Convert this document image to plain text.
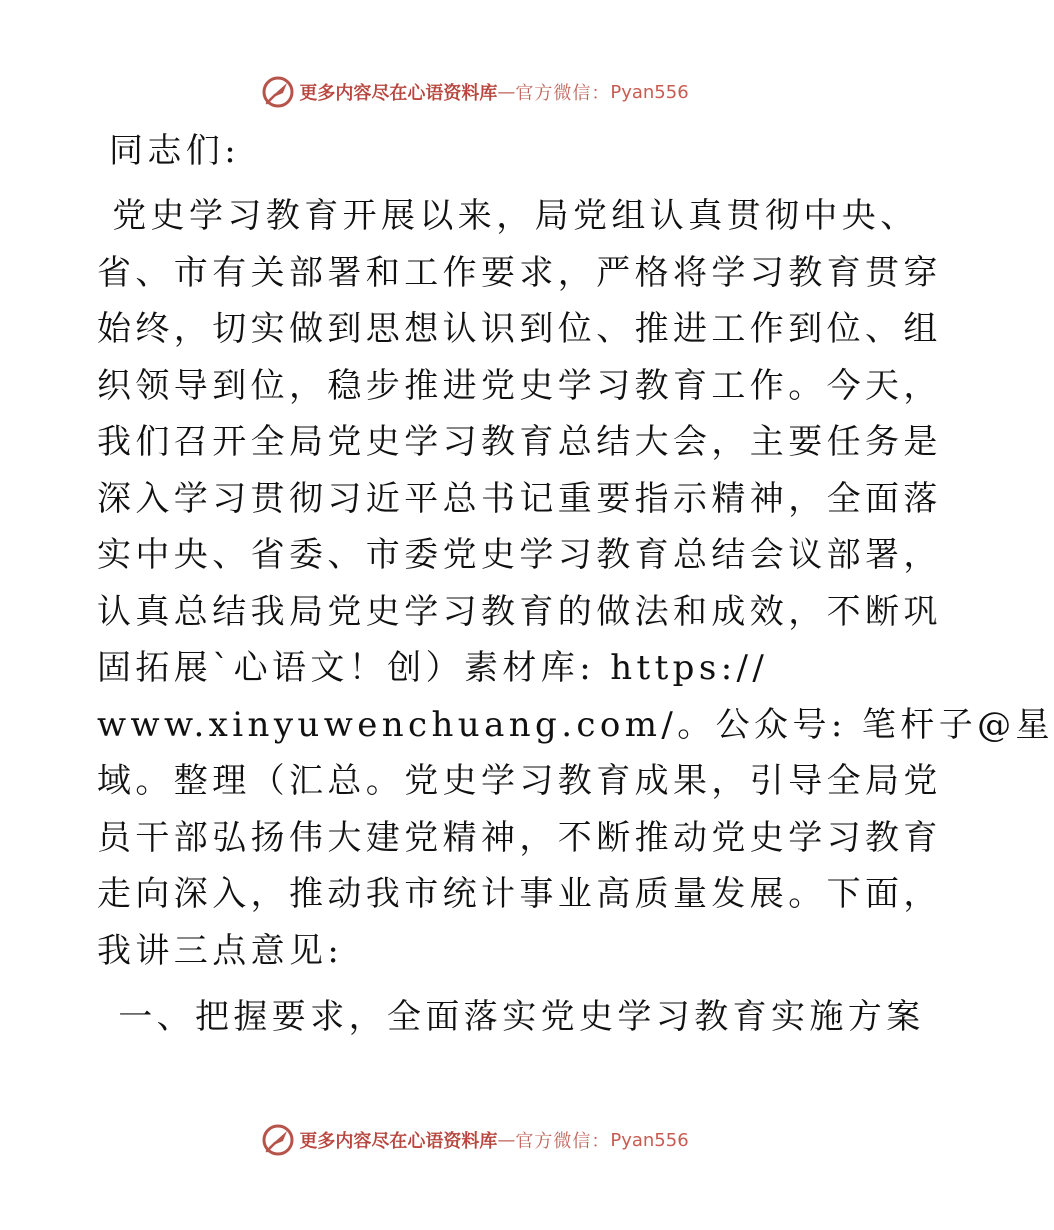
更多内容尽在心语资料库 — 官方微信： Pyan556

同志们:

党史学习教育开展以来，局党组认真贯彻中央、

省、市有关部署和工作要求，严格将学习教育贯穿

始终，切实做到思想认识到位、推进工作到位、组

织领导到位，稳步推进党史学习教育工作。今天，

我们召开全局党史学习教育总结大会，主要任务是

深入学习贯彻习近平总书记重要指示精神，全面落

实中央、省委、市委党史学习教育总结会议部署，

认真总结我局党史学习教育的做法和成效，不断巩

固拓展`心语文！创）素材库: https://

www.xinyuwenchuang.com/。公众号: 笔杆子@星

域。整理（汇总。党史学习教育成果，引导全局党

员干部弘扬伟大建党精神，不断推动党史学习教育

走向深入，推动我市统计事业高质量发展。下面，

我讲三点意见:

一、把握要求，全面落实党史学习教育实施方案

更多内容尽在心语资料库 — 官方微信： Pyan556
